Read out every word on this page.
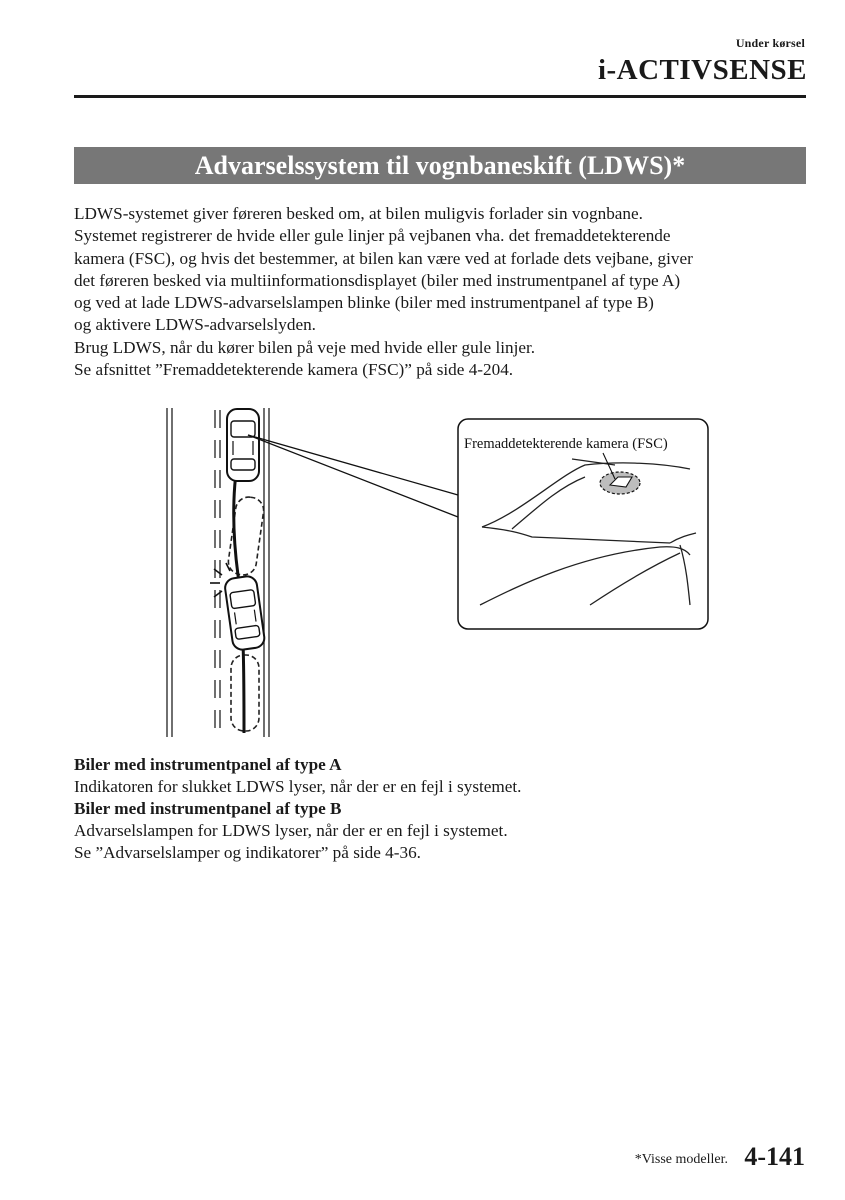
Under kørsel
i-ACTIVSENSE
Advarselssystem til vognbaneskift (LDWS)*
LDWS-systemet giver føreren besked om, at bilen muligvis forlader sin vognbane.
Systemet registrerer de hvide eller gule linjer på vejbanen vha. det fremaddetekterende
kamera (FSC), og hvis det bestemmer, at bilen kan være ved at forlade dets vejbane, giver
det føreren besked via multiinformationsdisplayet (biler med instrumentpanel af type A)
og ved at lade LDWS-advarselslampen blinke (biler med instrumentpanel af type B)
og aktivere LDWS-advarselslyden.
Brug LDWS, når du kører bilen på veje med hvide eller gule linjer.
Se afsnittet ”Fremaddetekterende kamera (FSC)” på side 4-204.
Fremaddetekterende kamera (FSC)
Biler med instrumentpanel af type A
Indikatoren for slukket LDWS lyser, når der er en fejl i systemet.
Biler med instrumentpanel af type B
Advarselslampen for LDWS lyser, når der er en fejl i systemet.
Se ”Advarselslamper og indikatorer” på side 4-36.
*Visse modeller. 4-141
